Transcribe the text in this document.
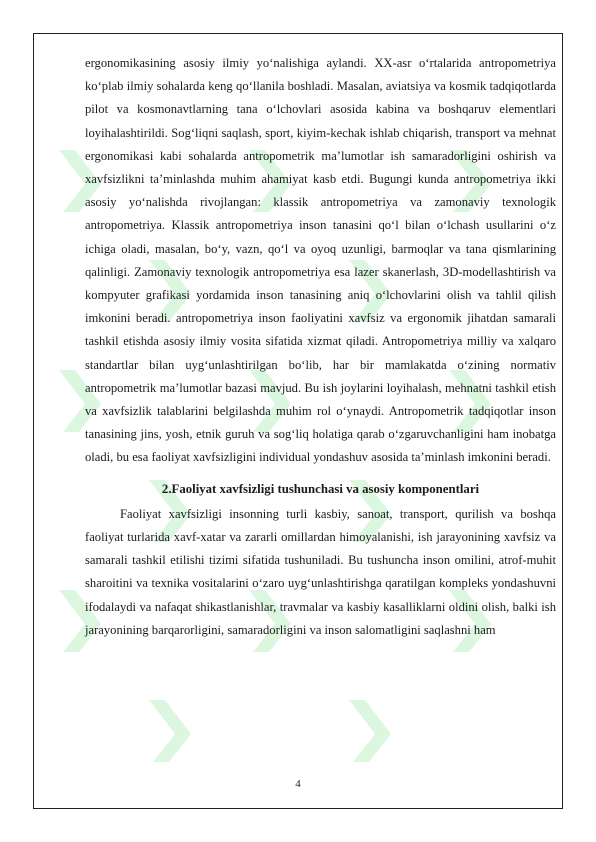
ergonomikasining asosiy ilmiy yo‘nalishiga aylandi. XX-asr o‘rtalarida antropometriya ko‘plab ilmiy sohalarda keng qo‘llanila boshladi. Masalan, aviatsiya va kosmik tadqiqotlarda pilot va kosmonavtlarning tana o‘lchovlari asosida kabina va boshqaruv elementlari loyihalashtirildi. Sog‘liqni saqlash, sport, kiyim-kechak ishlab chiqarish, transport va mehnat ergonomikasi kabi sohalarda antropometrik ma’lumotlar ish samaradorligini oshirish va xavfsizlikni ta’minlashda muhim ahamiyat kasb etdi. Bugungi kunda antropometriya ikki asosiy yo‘nalishda rivojlangan: klassik antropometriya va zamonaviy texnologik antropometriya. Klassik antropometriya inson tanasini qo‘l bilan o‘lchash usullarini o‘z ichiga oladi, masalan, bo‘y, vazn, qo‘l va oyoq uzunligi, barmoqlar va tana qismlarining qalinligi. Zamonaviy texnologik antropometriya esa lazer skanerlash, 3D-modellashtirish va kompyuter grafikasi yordamida inson tanasining aniq o‘lchovlarini olish va tahlil qilish imkonini beradi. antropometriya inson faoliyatini xavfsiz va ergonomik jihatdan samarali tashkil etishda asosiy ilmiy vosita sifatida xizmat qiladi. Antropometriya milliy va xalqaro standartlar bilan uyg‘unlashtirilgan bo‘lib, har bir mamlakatda o‘zining normativ antropometrik ma’lumotlar bazasi mavjud. Bu ish joylarini loyihalash, mehnatni tashkil etish va xavfsizlik talablarini belgilashda muhim rol o‘ynaydi. Antropometrik tadqiqotlar inson tanasining jins, yosh, etnik guruh va sog‘liq holatiga qarab o‘zgaruvchanligini ham inobatga oladi, bu esa faoliyat xavfsizligini individual yondashuv asosida ta’minlash imkonini beradi.

2.Faoliyat xavfsizligi tushunchasi va asosiy komponentlari

Faoliyat xavfsizligi insonning turli kasbiy, sanoat, transport, qurilish va boshqa faoliyat turlarida xavf-xatar va zararli omillardan himoyalanishi, ish jarayonining xavfsiz va samarali tashkil etilishi tizimi sifatida tushuniladi. Bu tushuncha inson omilini, atrof-muhit sharoitini va texnika vositalarini o‘zaro uyg‘unlashtirishga qaratilgan kompleks yondashuvni ifodalaydi va nafaqat shikastlanishlar, travmalar va kasbiy kasalliklarni oldini olish, balki ish jarayonining barqarorligini, samaradorligini va inson salomatligini saqlashni ham

4
